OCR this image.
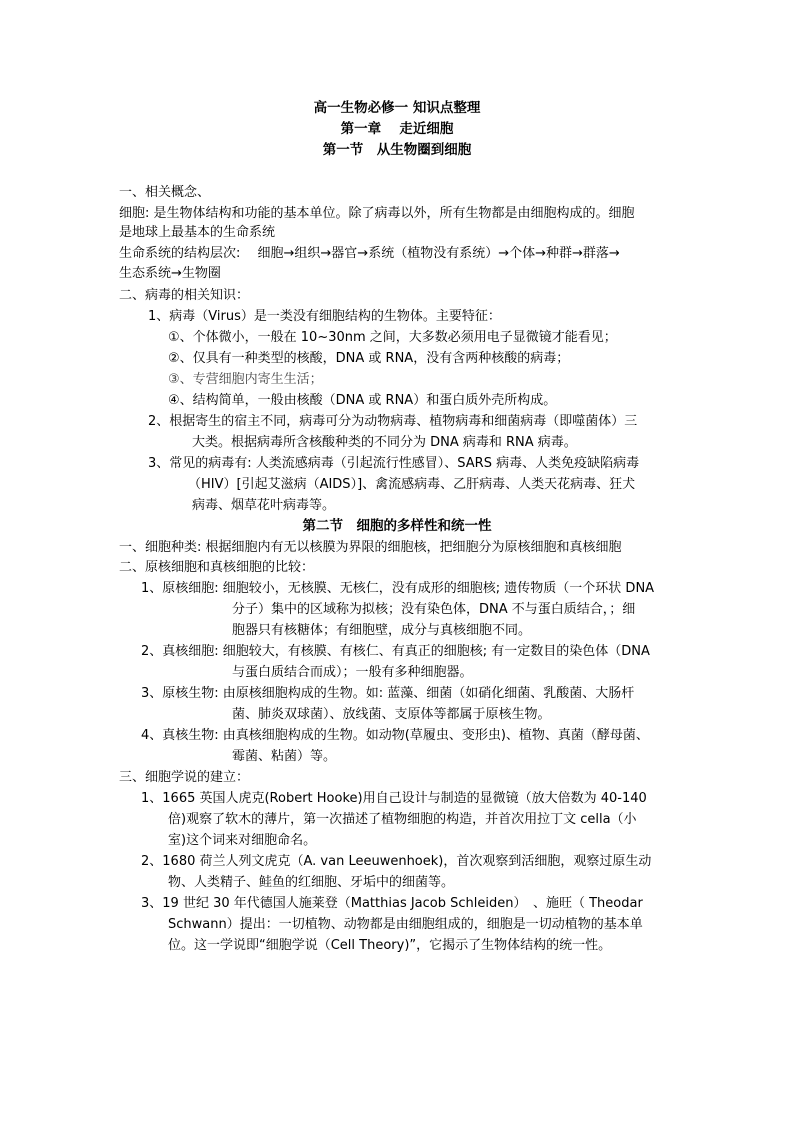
高一生物必修一 知识点整理
第一章　 走近细胞
第一节　从生物圈到细胞
一、相关概念、
细胞: 是生物体结构和功能的基本单位。除了病毒以外，所有生物都是由细胞构成的。细胞
是地球上最基本的生命系统
生命系统的结构层次:　 细胞→组织→器官→系统（植物没有系统）→个体→种群→群落→
生态系统→生物圈
二、病毒的相关知识：
1、病毒（Virus）是一类没有细胞结构的生物体。主要特征：
①、个体微小，一般在 10~30nm 之间，大多数必须用电子显微镜才能看见；
②、仅具有一种类型的核酸，DNA 或 RNA，没有含两种核酸的病毒；
③、专营细胞内寄生生活；
④、结构简单，一般由核酸（DNA 或 RNA）和蛋白质外壳所构成。
2、根据寄生的宿主不同，病毒可分为动物病毒、植物病毒和细菌病毒（即噬菌体）三
大类。根据病毒所含核酸种类的不同分为 DNA 病毒和 RNA 病毒。
3、常见的病毒有: 人类流感病毒（引起流行性感冒）、SARS 病毒、人类免疫缺陷病毒
（HIV）[引起艾滋病（AIDS）]、禽流感病毒、乙肝病毒、人类天花病毒、狂犬
病毒、烟草花叶病毒等。
第二节　细胞的多样性和统一性
一、细胞种类: 根据细胞内有无以核膜为界限的细胞核，把细胞分为原核细胞和真核细胞
二、原核细胞和真核细胞的比较：
1、原核细胞: 细胞较小，无核膜、无核仁，没有成形的细胞核; 遗传物质（一个环状 DNA
分子）集中的区域称为拟核；没有染色体，DNA 不与蛋白质结合，；细
胞器只有核糖体；有细胞壁，成分与真核细胞不同。
2、真核细胞: 细胞较大，有核膜、有核仁、有真正的细胞核; 有一定数目的染色体（DNA
与蛋白质结合而成）；一般有多种细胞器。
3、原核生物: 由原核细胞构成的生物。如: 蓝藻、细菌（如硝化细菌、乳酸菌、大肠杆
菌、肺炎双球菌）、放线菌、支原体等都属于原核生物。
4、真核生物: 由真核细胞构成的生物。如动物(草履虫、变形虫)、植物、真菌（酵母菌、
霉菌、粘菌）等。
三、细胞学说的建立：
1、1665 英国人虎克(Robert Hooke)用自己设计与制造的显微镜（放大倍数为 40-140
倍)观察了软木的薄片，第一次描述了植物细胞的构造，并首次用拉丁文 cella（小
室)这个词来对细胞命名。
2、1680 荷兰人列文虎克（A. van Leeuwenhoek)，首次观察到活细胞，观察过原生动
物、人类精子、鲑鱼的红细胞、牙垢中的细菌等。
3、19 世纪 30 年代德国人施莱登（Matthias Jacob Schleiden）　、施旺（ Theodar
Schwann）提出：一切植物、动物都是由细胞组成的，细胞是一切动植物的基本单
位。这一学说即“细胞学说（Cell Theory)”，它揭示了生物体结构的统一性。
